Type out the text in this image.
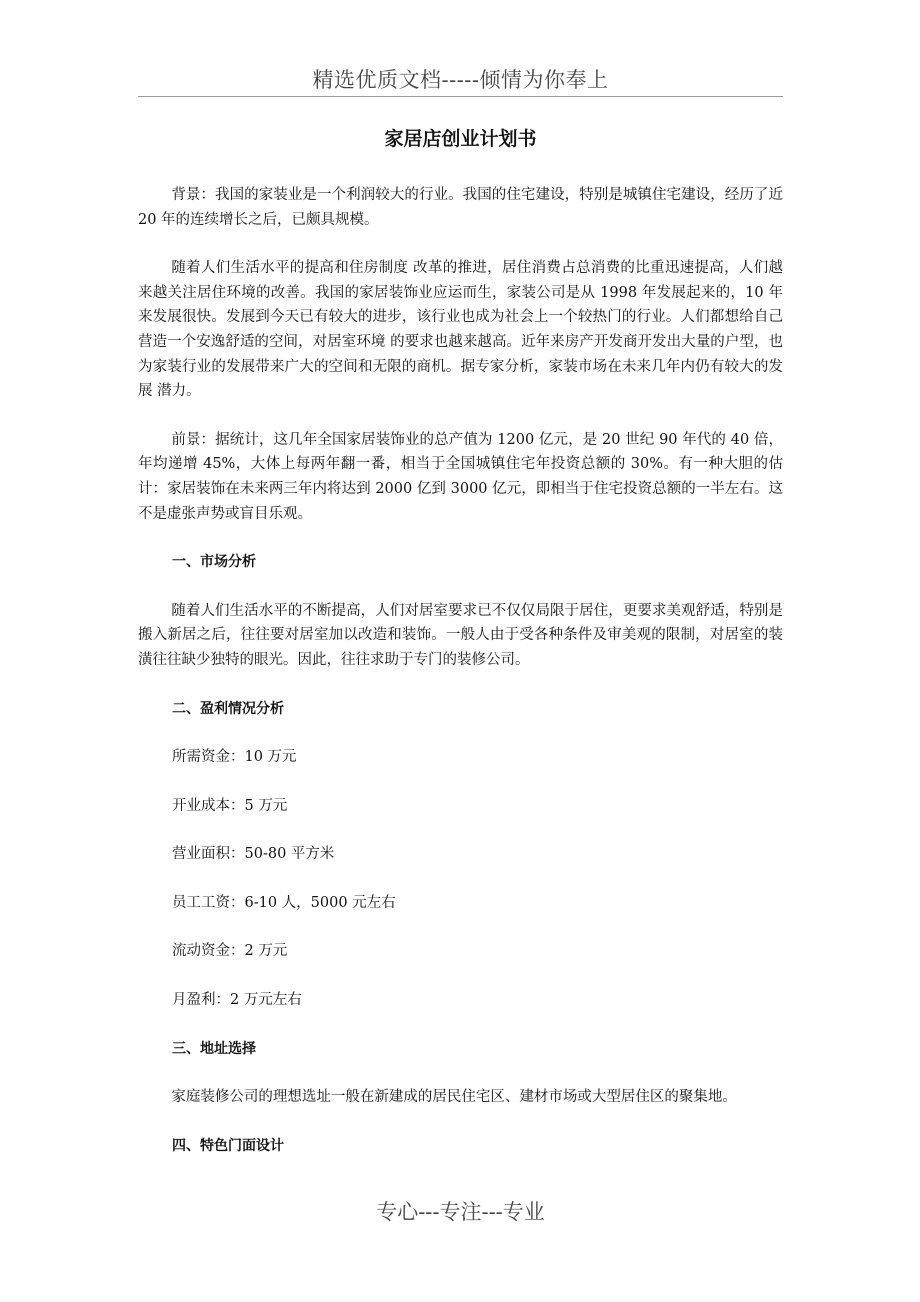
精选优质文档-----倾情为你奉上
家居店创业计划书

背景：我国的家装业是一个利润较大的行业。我国的住宅建设，特别是城镇住宅建设，经历了近 20 年的连续增长之后，已颇具规模。

随着人们生活水平的提高和住房制度 改革的推进，居住消费占总消费的比重迅速提高，人们越来越关注居住环境的改善。我国的家居装饰业应运而生，家装公司是从 1998 年发展起来的，10 年来发展很快。发展到今天已有较大的进步，该行业也成为社会上一个较热门的行业。人们都想给自己营造一个安逸舒适的空间，对居室环境 的要求也越来越高。近年来房产开发商开发出大量的户型，也为家装行业的发展带来广大的空间和无限的商机。据专家分析，家装市场在未来几年内仍有较大的发展 潜力。

前景：据统计，这几年全国家居装饰业的总产值为 1200 亿元，是 20 世纪 90 年代的 40 倍，年均递增 45%，大体上每两年翻一番，相当于全国城镇住宅年投资总额的 30%。有一种大胆的估计：家居装饰在未来两三年内将达到 2000 亿到 3000 亿元，即相当于住宅投资总额的一半左右。这不是虚张声势或盲目乐观。

一、市场分析

随着人们生活水平的不断提高，人们对居室要求已不仅仅局限于居住，更要求美观舒适，特别是搬入新居之后，往往要对居室加以改造和装饰。一般人由于受各种条件及审美观的限制，对居室的装潢往往缺少独特的眼光。因此，往往求助于专门的装修公司。

二、盈利情况分析

所需资金：10 万元

开业成本：5 万元

营业面积：50-80 平方米

员工工资：6-10 人，5000 元左右

流动资金：2 万元

月盈利：2 万元左右

三、地址选择

家庭装修公司的理想选址一般在新建成的居民住宅区、建材市场或大型居住区的聚集地。

四、特色门面设计

专心---专注---专业
